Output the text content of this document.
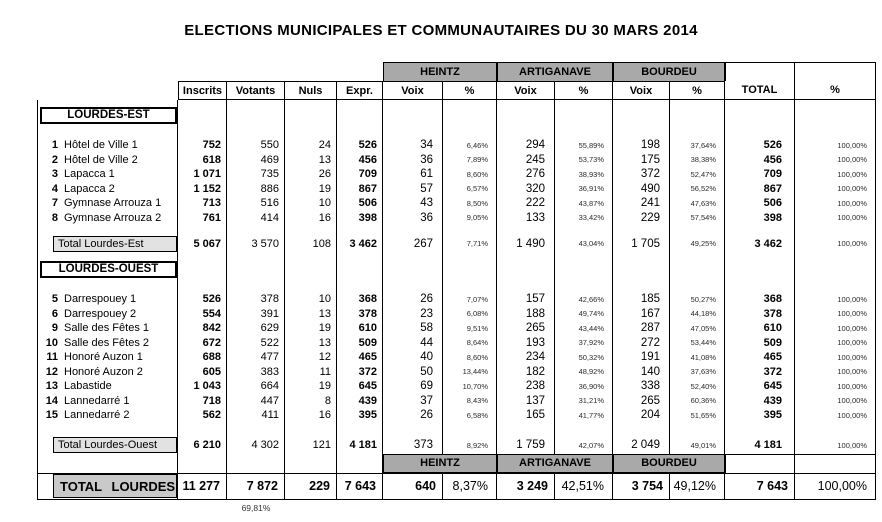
ELECTIONS MUNICIPALES ET COMMUNAUTAIRES DU 30 MARS 2014
HEINTZ	ARTIGANAVE	BOURDEU
Inscrits	Votants	Nuls	Expr.	Voix	%	Voix	%	Voix	%	TOTAL	%
LOURDES-EST
1 Hôtel de Ville 1	752	550	24	526	34	6,46%	294	55,89%	198	37,64%	526	100,00%
2 Hôtel de Ville 2	618	469	13	456	36	7,89%	245	53,73%	175	38,38%	456	100,00%
3 Lapacca 1	1 071	735	26	709	61	8,60%	276	38,93%	372	52,47%	709	100,00%
4 Lapacca 2	1 152	886	19	867	57	6,57%	320	36,91%	490	56,52%	867	100,00%
7 Gymnase Arrouza 1	713	516	10	506	43	8,50%	222	43,87%	241	47,63%	506	100,00%
8 Gymnase Arrouza 2	761	414	16	398	36	9,05%	133	33,42%	229	57,54%	398	100,00%
Total Lourdes-Est	5 067	3 570	108	3 462	267	7,71%	1 490	43,04%	1 705	49,25%	3 462	100,00%
LOURDES-OUEST
5 Darrespouey 1	526	378	10	368	26	7,07%	157	42,66%	185	50,27%	368	100,00%
6 Darrespouey 2	554	391	13	378	23	6,08%	188	49,74%	167	44,18%	378	100,00%
9 Salle des Fêtes 1	842	629	19	610	58	9,51%	265	43,44%	287	47,05%	610	100,00%
10 Salle des Fêtes 2	672	522	13	509	44	8,64%	193	37,92%	272	53,44%	509	100,00%
11 Honoré Auzon 1	688	477	12	465	40	8,60%	234	50,32%	191	41,08%	465	100,00%
12 Honoré Auzon 2	605	383	11	372	50	13,44%	182	48,92%	140	37,63%	372	100,00%
13 Labastide	1 043	664	19	645	69	10,70%	238	36,90%	338	52,40%	645	100,00%
14 Lannedarré 1	718	447	8	439	37	8,43%	137	31,21%	265	60,36%	439	100,00%
15 Lannedarré 2	562	411	16	395	26	6,58%	165	41,77%	204	51,65%	395	100,00%
Total Lourdes-Ouest	6 210	4 302	121	4 181	373	8,92%	1 759	42,07%	2 049	49,01%	4 181	100,00%
HEINTZ	ARTIGANAVE	BOURDEU
TOTAL LOURDES 11 277	7 872	229	7 643	640	8,37%	3 249	42,51%	3 754 49,12%	7 643	100,00%
69,81%
